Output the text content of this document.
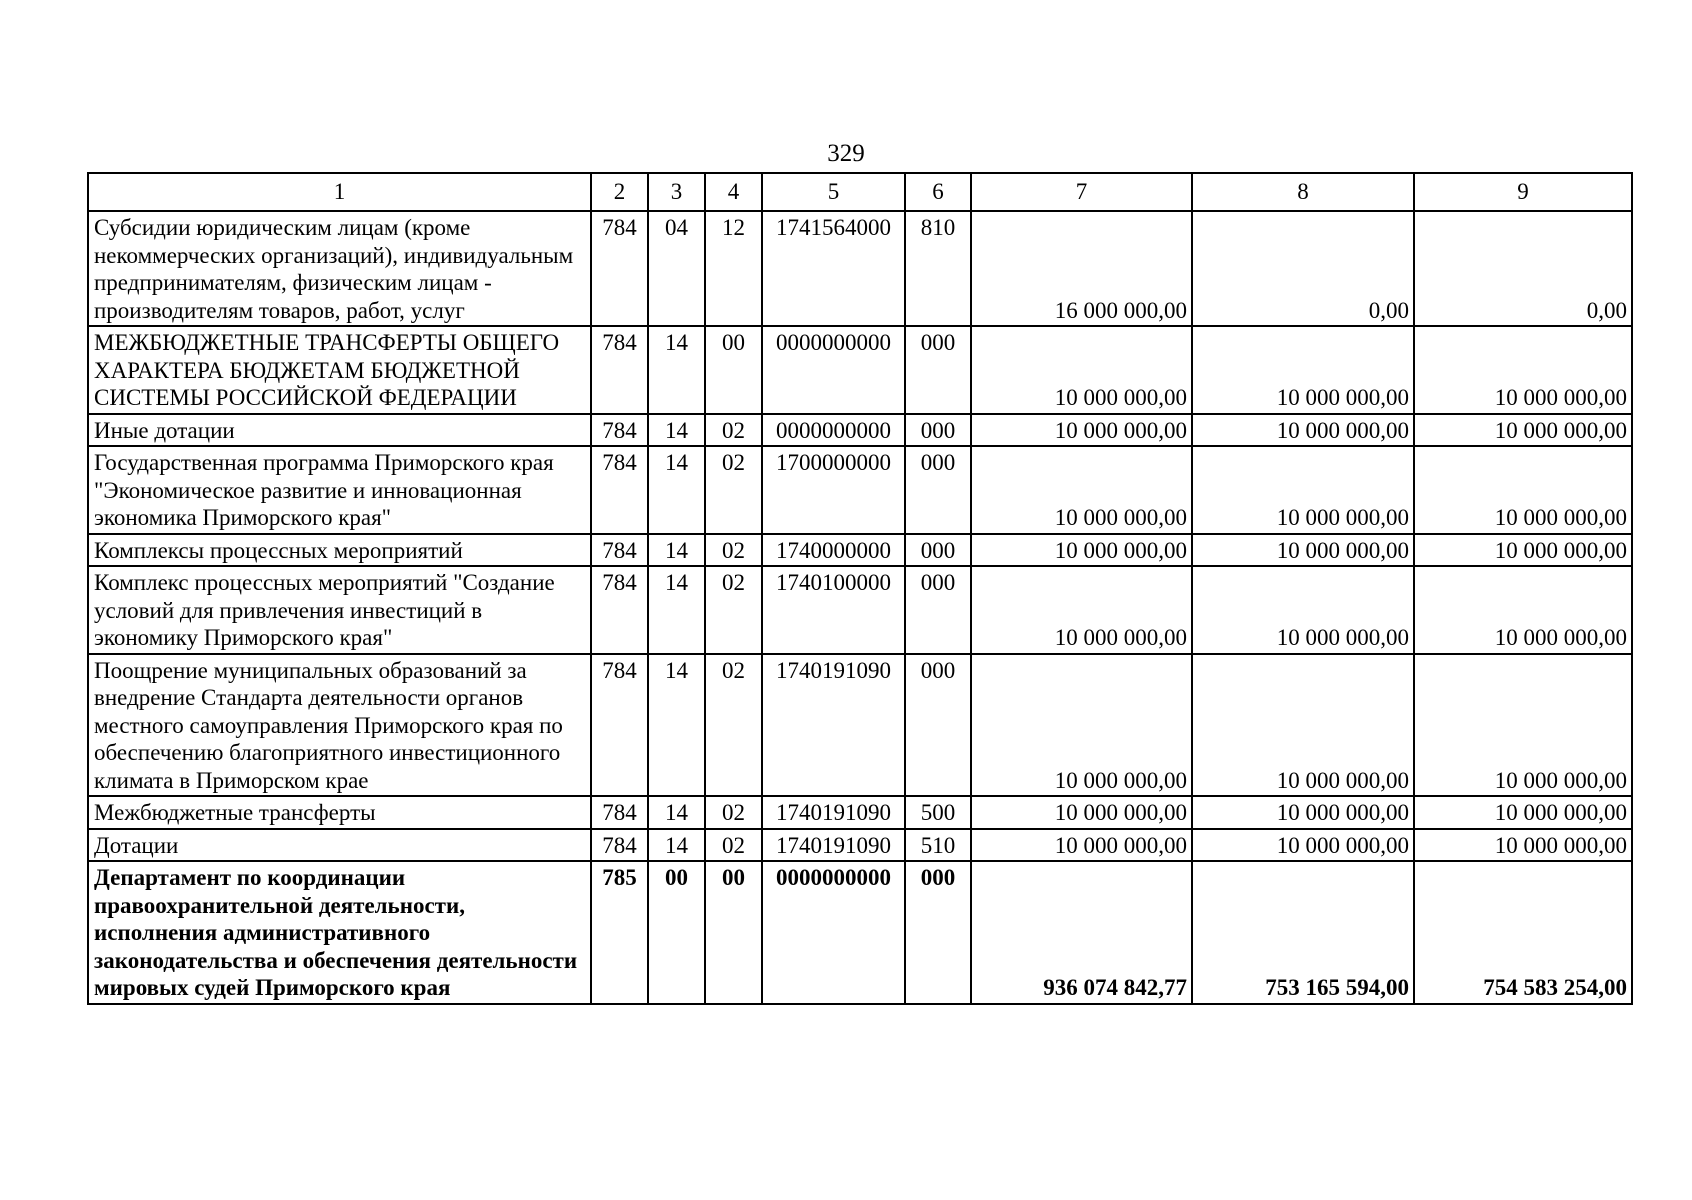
329
1	2	3	4	5	6	7	8	9
Субсидии юридическим лицам (кроме некоммерческих организаций), индивидуальным предпринимателям, физическим лицам - производителям товаров, работ, услуг	784	04	12	1741564000	810	16 000 000,00	0,00	0,00
МЕЖБЮДЖЕТНЫЕ ТРАНСФЕРТЫ ОБЩЕГО ХАРАКТЕРА БЮДЖЕТАМ БЮДЖЕТНОЙ СИСТЕМЫ РОССИЙСКОЙ ФЕДЕРАЦИИ	784	14	00	0000000000	000	10 000 000,00	10 000 000,00	10 000 000,00
Иные дотации	784	14	02	0000000000	000	10 000 000,00	10 000 000,00	10 000 000,00
Государственная программа Приморского края "Экономическое развитие и инновационная экономика Приморского края"	784	14	02	1700000000	000	10 000 000,00	10 000 000,00	10 000 000,00
Комплексы процессных мероприятий	784	14	02	1740000000	000	10 000 000,00	10 000 000,00	10 000 000,00
Комплекс процессных мероприятий "Создание условий для привлечения инвестиций в экономику Приморского края"	784	14	02	1740100000	000	10 000 000,00	10 000 000,00	10 000 000,00
Поощрение муниципальных образований за внедрение Стандарта деятельности органов местного самоуправления Приморского края по обеспечению благоприятного инвестиционного климата в Приморском крае	784	14	02	1740191090	000	10 000 000,00	10 000 000,00	10 000 000,00
Межбюджетные трансферты	784	14	02	1740191090	500	10 000 000,00	10 000 000,00	10 000 000,00
Дотации	784	14	02	1740191090	510	10 000 000,00	10 000 000,00	10 000 000,00
Департамент по координации правоохранительной деятельности, исполнения административного законодательства и обеспечения деятельности мировых судей Приморского края	785	00	00	0000000000	000	936 074 842,77	753 165 594,00	754 583 254,00
